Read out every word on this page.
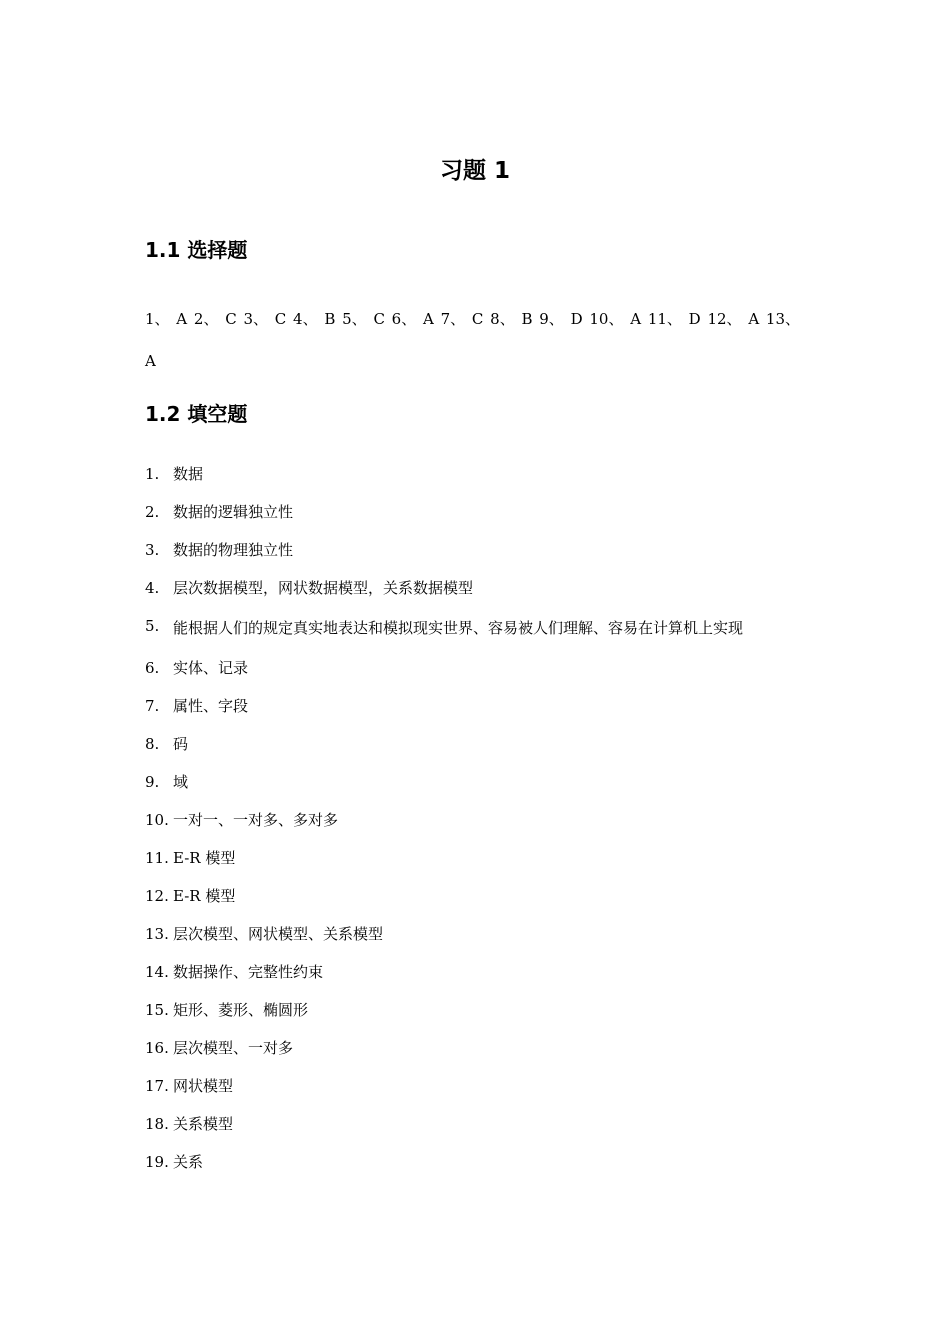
习题 1
1.1 选择题
1、 A 2、 C 3、 C 4、 B 5、 C 6、 A 7、 C 8、 B 9、 D 10、 A 11、 D 12、 A 13、 A
1.2 填空题
1. 数据
2. 数据的逻辑独立性
3. 数据的物理独立性
4. 层次数据模型，网状数据模型，关系数据模型
5. 能根据人们的规定真实地表达和模拟现实世界、容易被人们理解、容易在计算机上实现
6. 实体、记录
7. 属性、字段
8. 码
9. 域
10. 一对一、一对多、多对多
11. E-R 模型
12. E-R 模型
13. 层次模型、网状模型、关系模型
14. 数据操作、完整性约束
15. 矩形、菱形、椭圆形
16. 层次模型、一对多
17. 网状模型
18. 关系模型
19. 关系
